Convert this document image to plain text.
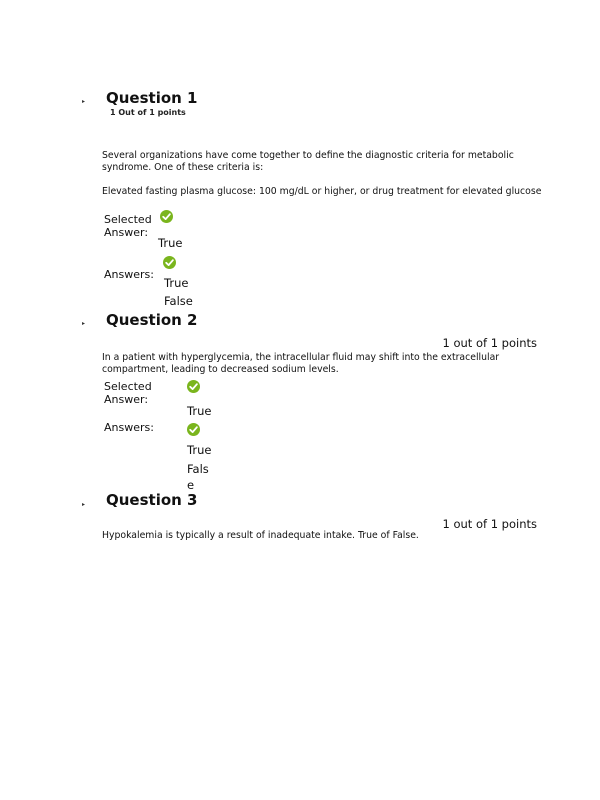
▸ Question 1
1 Out of 1 points
Several organizations have come together to define the diagnostic criteria for metabolic syndrome. One of these criteria is:
Elevated fasting plasma glucose: 100 mg/dL or higher, or drug treatment for elevated glucose
Selected Answer:
True
Answers:
True
False
▸ Question 2
1 out of 1 points
In a patient with hyperglycemia, the intracellular fluid may shift into the extracellular compartment, leading to decreased sodium levels.
Selected Answer:
True
Answers:
True
Fals
e
▸ Question 3
1 out of 1 points
Hypokalemia is typically a result of inadequate intake. True of False.
